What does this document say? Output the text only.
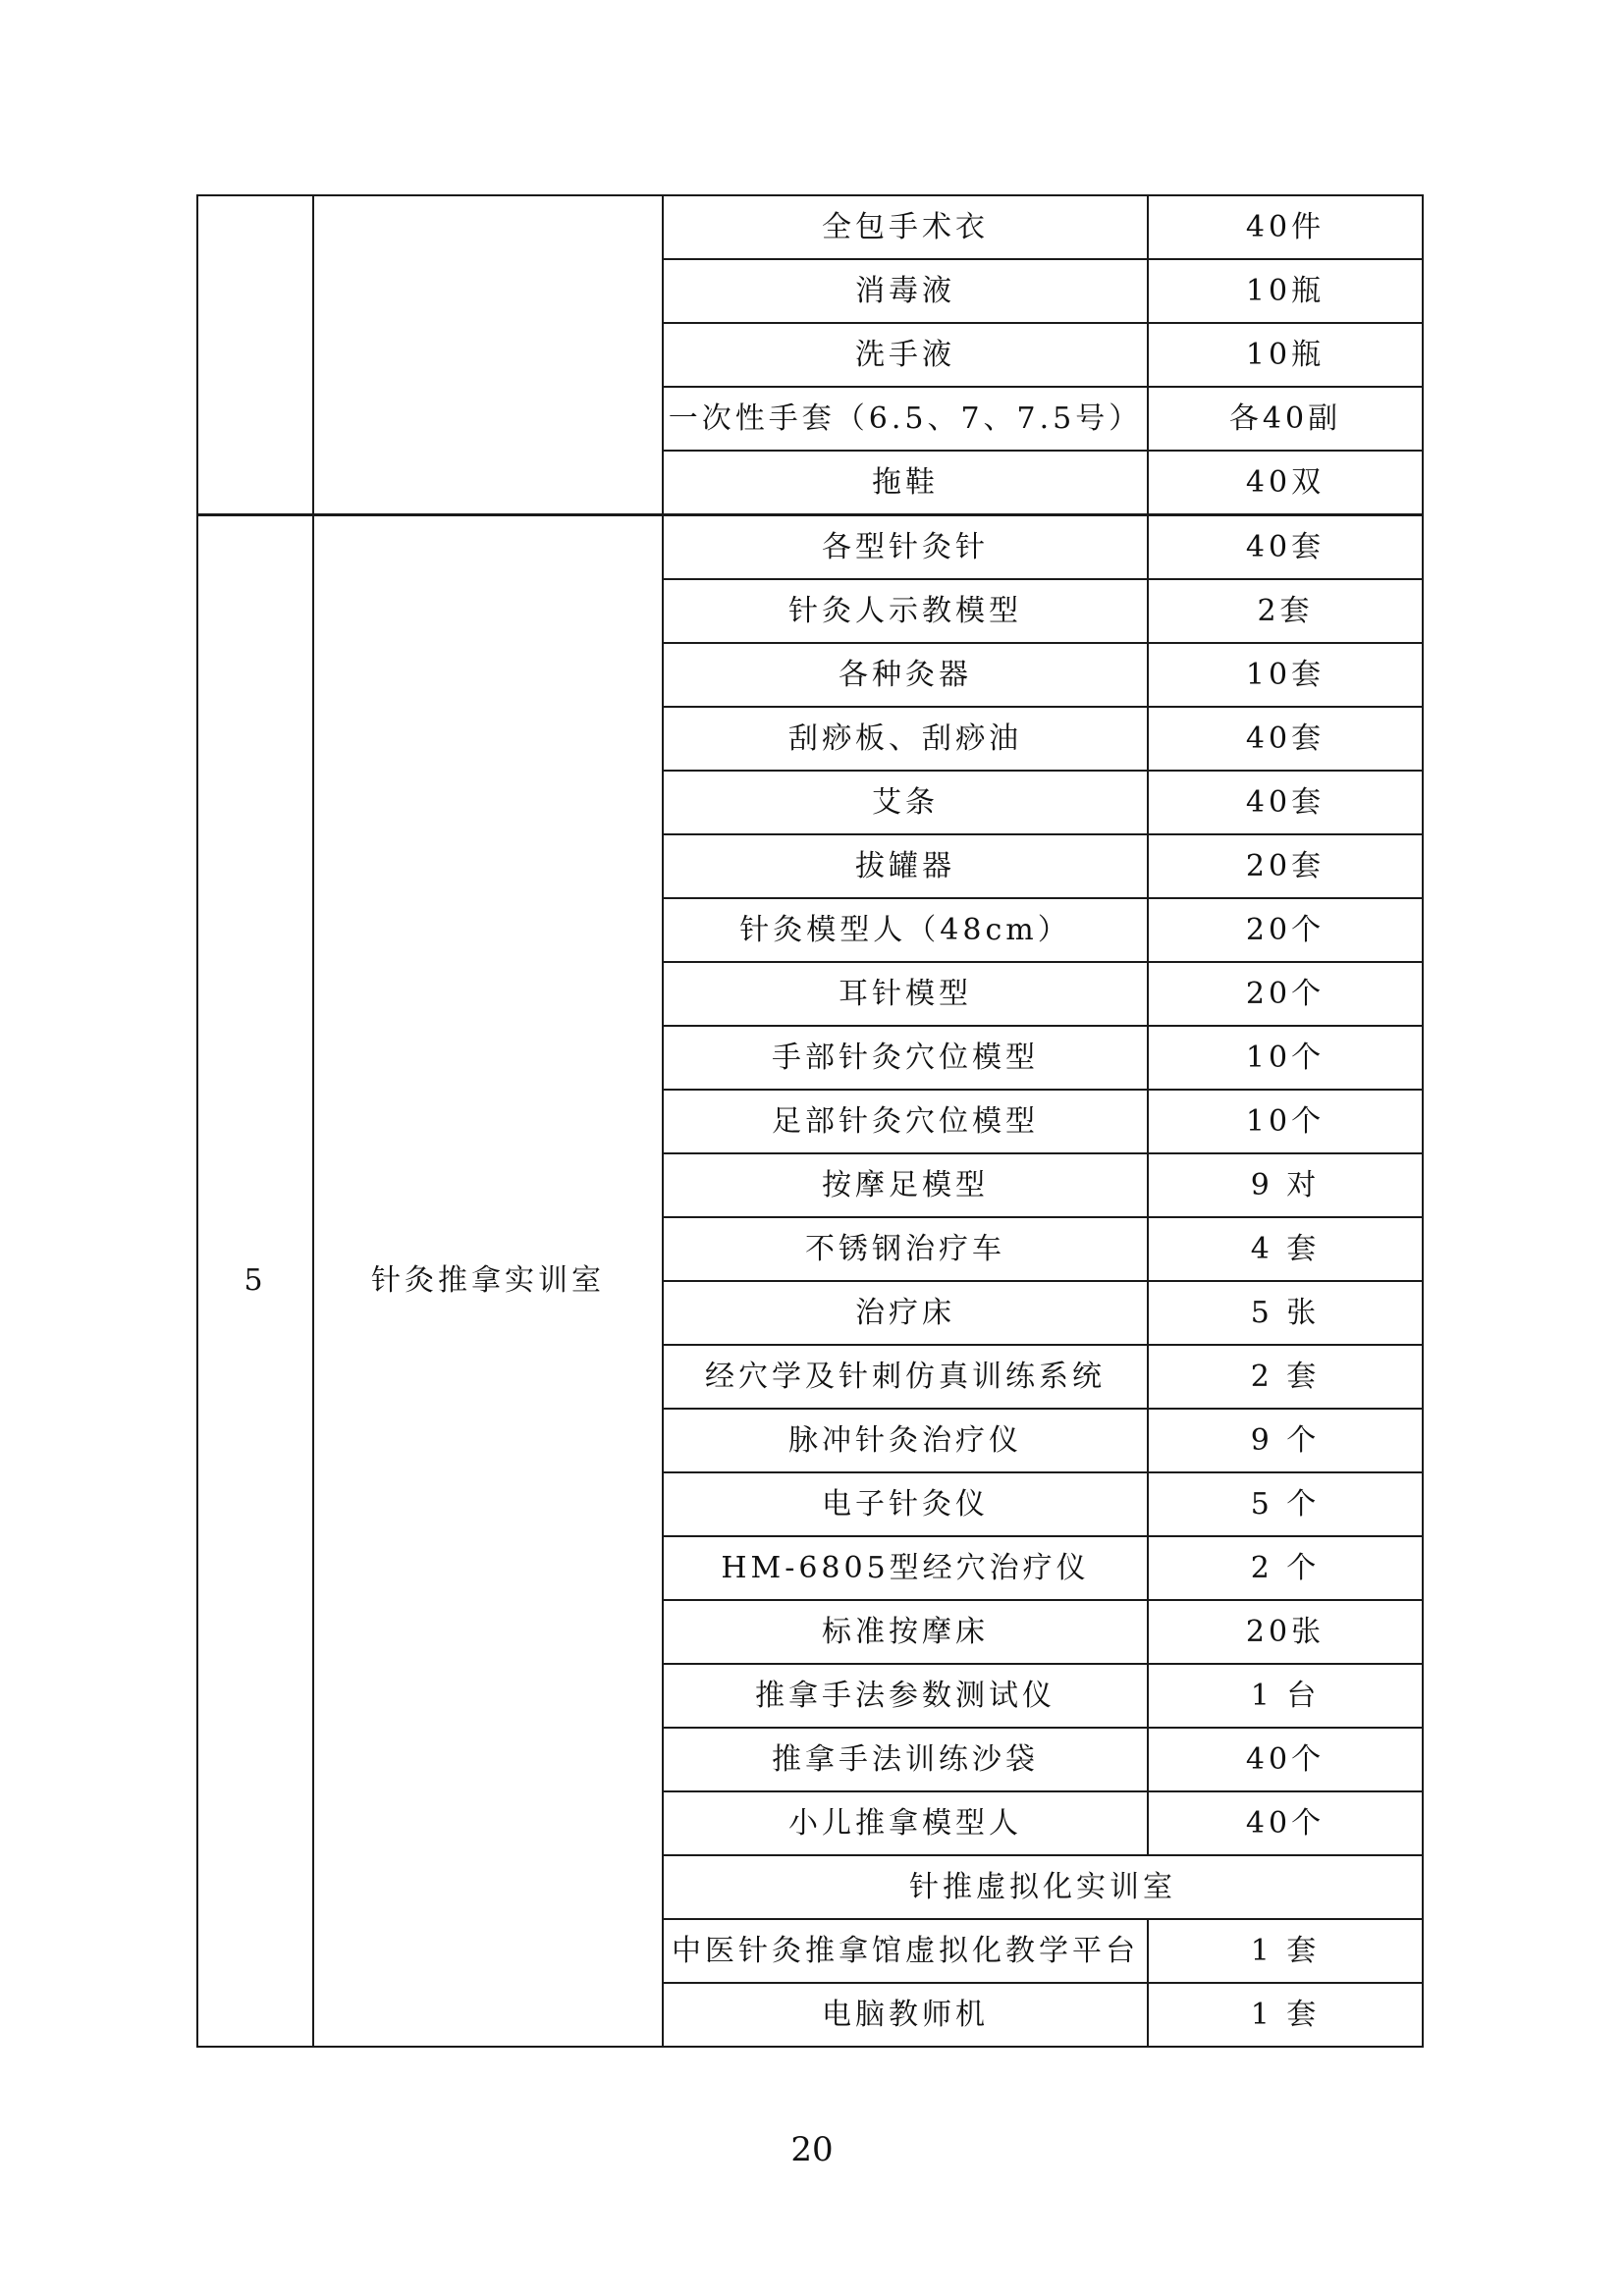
		全包手术衣	40件
		消毒液	10瓶
		洗手液	10瓶
		一次性手套（6.5、7、7.5号）	各40副
		拖鞋	40双
5	针灸推拿实训室	各型针灸针	40套
		针灸人示教模型	2套
		各种灸器	10套
		刮痧板、刮痧油	40套
		艾条	40套
		拔罐器	20套
		针灸模型人（48cm）	20个
		耳针模型	20个
		手部针灸穴位模型	10个
		足部针灸穴位模型	10个
		按摩足模型	9 对
		不锈钢治疗车	4 套
		治疗床	5 张
		经穴学及针刺仿真训练系统	2 套
		脉冲针灸治疗仪	9 个
		电子针灸仪	5 个
		HM-6805型经穴治疗仪	2 个
		标准按摩床	20张
		推拿手法参数测试仪	1 台
		推拿手法训练沙袋	40个
		小儿推拿模型人	40个
		针推虚拟化实训室	
		中医针灸推拿馆虚拟化教学平台	1 套
		电脑教师机	1 套
20
